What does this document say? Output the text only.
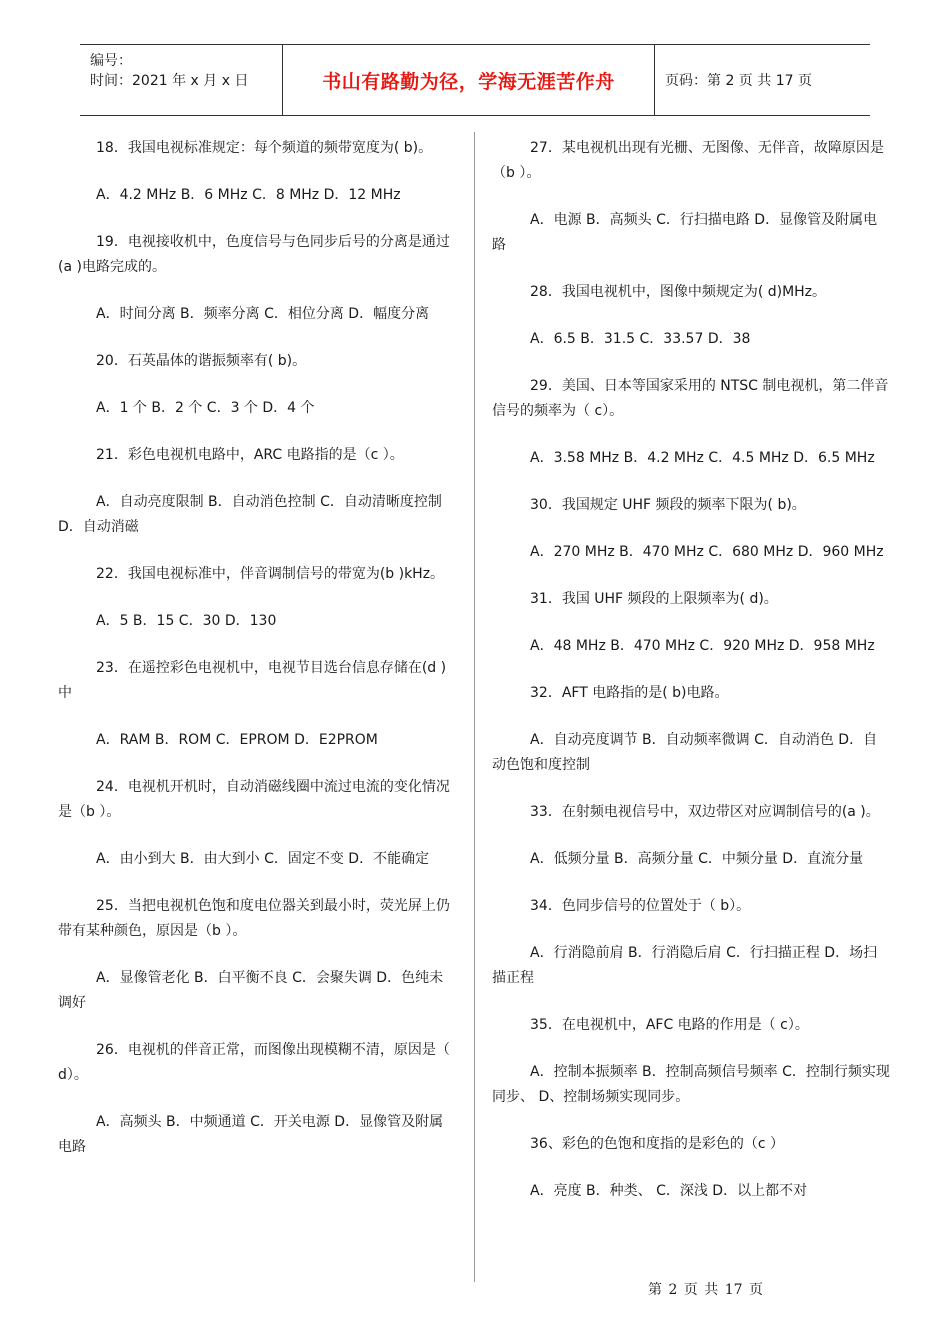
编号：
时间：2021 年 x 月 x 日	书山有路勤为径，学海无涯苦作舟	页码：第 2 页 共 17 页

18．我国电视标准规定：每个频道的频带宽度为( b)。

A．4.2 MHz B．6 MHz C．8 MHz D．12 MHz

19．电视接收机中，色度信号与色同步后号的分离是通过(a )电路完成的。

A．时间分离 B．频率分离 C．相位分离 D．幅度分离

20．石英晶体的谐振频率有( b)。

A．1 个 B．2 个 C．3 个 D．4 个

21．彩色电视机电路中，ARC 电路指的是（c ）。

A．自动亮度限制 B．自动消色控制 C．自动清晰度控制 D．自动消磁

22．我国电视标准中，伴音调制信号的带宽为(b )kHz。

A．5 B．15 C．30 D．130

23．在遥控彩色电视机中，电视节目选台信息存储在(d )中

A．RAM B．ROM C．EPROM D．E2PROM

24．电视机开机时，自动消磁线圈中流过电流的变化情况是（b ）。

A．由小到大 B．由大到小 C．固定不变 D．不能确定

25．当把电视机色饱和度电位器关到最小时，荧光屏上仍带有某种颜色，原因是（b ）。

A．显像管老化 B．白平衡不良 C．会聚失调 D．色纯未调好

26．电视机的伴音正常，而图像出现模糊不清，原因是（ d）。

A．高频头 B．中频通道 C．开关电源 D．显像管及附属电路

27．某电视机出现有光栅、无图像、无伴音，故障原因是（b ）。

A．电源 B．高频头 C．行扫描电路 D．显像管及附属电路

28．我国电视机中，图像中频规定为( d)MHz。

A．6.5 B．31.5 C．33.57 D．38

29．美国、日本等国家采用的 NTSC 制电视机，第二伴音信号的频率为（ c）。

A．3.58 MHz B．4.2 MHz C．4.5 MHz D．6.5 MHz

30．我国规定 UHF 频段的频率下限为( b)。

A．270 MHz B．470 MHz C．680 MHz D．960 MHz

31．我国 UHF 频段的上限频率为( d)。

A．48 MHz B．470 MHz C．920 MHz D．958 MHz

32．AFT 电路指的是( b)电路。

A．自动亮度调节 B．自动频率微调 C．自动消色 D．自动色饱和度控制

33．在射频电视信号中，双边带区对应调制信号的(a )。

A．低频分量 B．高频分量 C．中频分量 D．直流分量

34．色同步信号的位置处于（ b）。

A．行消隐前肩 B．行消隐后肩 C．行扫描正程 D．场扫描正程

35．在电视机中，AFC 电路的作用是（ c）。

A．控制本振频率 B．控制高频信号频率 C．控制行频实现同步、 D、控制场频实现同步。

36、彩色的色饱和度指的是彩色的（c ）

A．亮度 B．种类、 C．深浅 D．以上都不对

第 2 页 共 17 页
